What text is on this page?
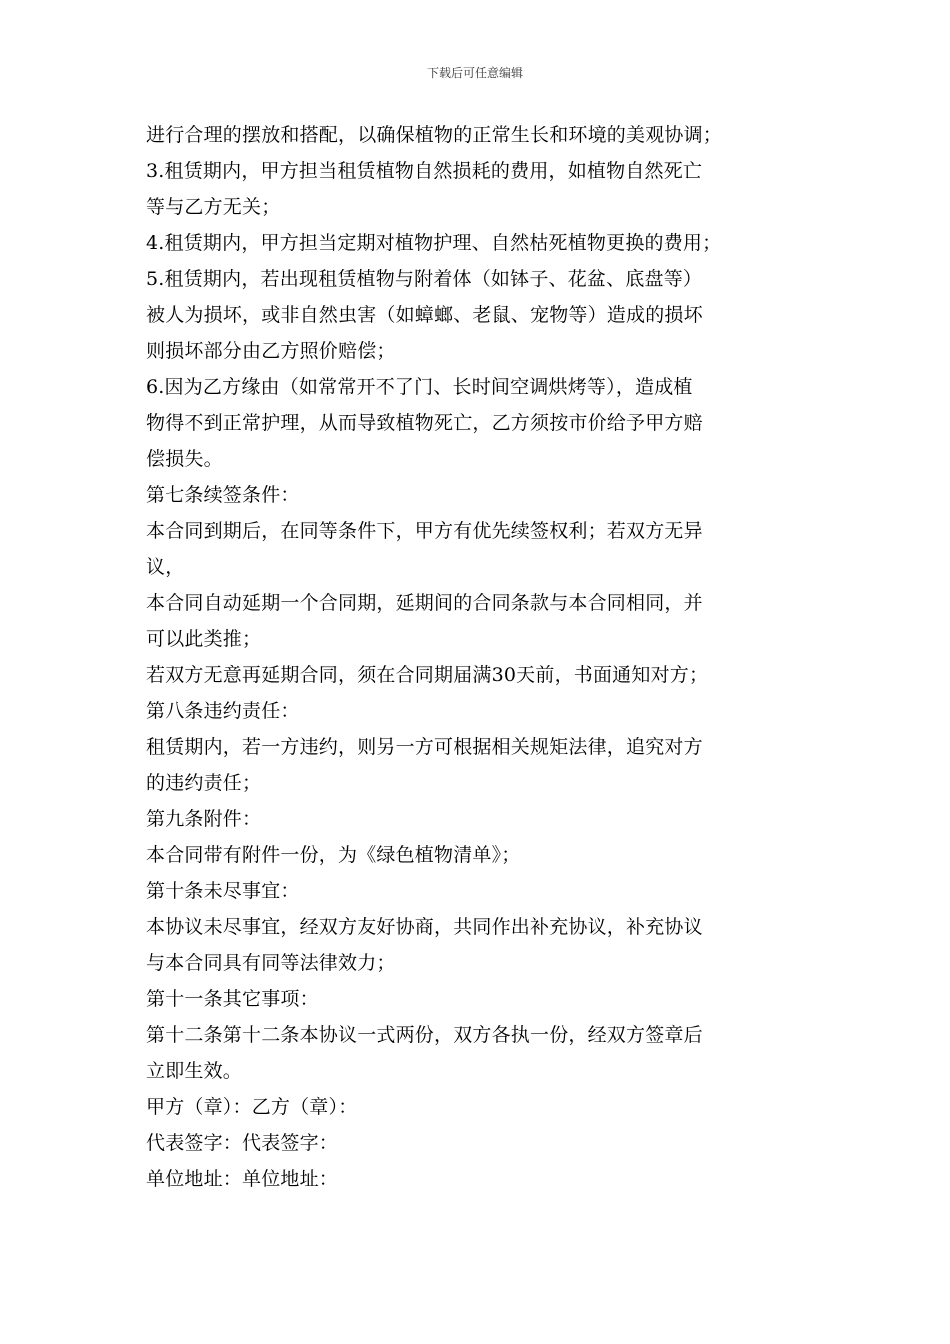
下载后可任意编辑
进行合理的摆放和搭配，以确保植物的正常生长和环境的美观协调；
3.租赁期内，甲方担当租赁植物自然损耗的费用，如植物自然死亡
等与乙方无关；
4.租赁期内，甲方担当定期对植物护理、自然枯死植物更换的费用；
5.租赁期内，若出现租赁植物与附着体（如钵子、花盆、底盘等）
被人为损坏，或非自然虫害（如蟑螂、老鼠、宠物等）造成的损坏
则损坏部分由乙方照价赔偿；
6.因为乙方缘由（如常常开不了门、长时间空调烘烤等），造成植
物得不到正常护理，从而导致植物死亡，乙方须按市价给予甲方赔
偿损失。
第七条续签条件：
本合同到期后，在同等条件下，甲方有优先续签权利；若双方无异
议，
本合同自动延期一个合同期，延期间的合同条款与本合同相同，并
可以此类推；
若双方无意再延期合同，须在合同期届满30天前，书面通知对方；
第八条违约责任：
租赁期内，若一方违约，则另一方可根据相关规矩法律，追究对方
的违约责任；
第九条附件：
本合同带有附件一份，为《绿色植物清单》；
第十条未尽事宜：
本协议未尽事宜，经双方友好协商，共同作出补充协议，补充协议
与本合同具有同等法律效力；
第十一条其它事项：
第十二条第十二条本协议一式两份，双方各执一份，经双方签章后
立即生效。
甲方（章）：乙方（章）：
代表签字：代表签字：
单位地址：单位地址：
